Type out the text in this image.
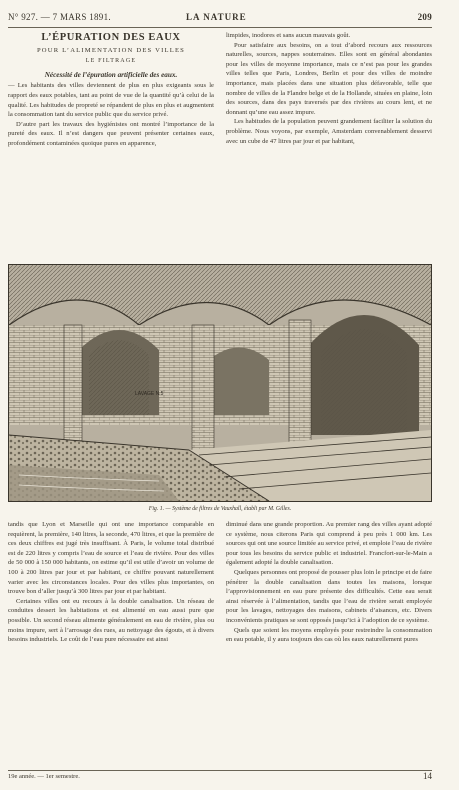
N° 927. — 7 MARS 1891.	LA NATURE	209
L’ÉPURATION DES EAUX
POUR L’ALIMENTATION DES VILLES
LE FILTRAGE
Nécessité de l’épuration artificielle des eaux.

— Les habitants des villes deviennent de plus en plus exigeants sous le rapport des eaux potables, tant au point de vue de la quantité qu’à celui de la qualité. Les habitudes de propreté se répandent de plus en plus et augmentent la consommation tant du service public que du service privé.

D’autre part les travaux des hygiénistes ont montré l’importance de la pureté des eaux. Il n’est dangers que peuvent présenter certaines eaux, profondément contaminées quoique pures en apparence,

limpides, inodores et sans aucun mauvais goût.

Pour satisfaire aux besoins, on a tout d’abord recours aux ressources naturelles, sources, nappes souterraines. Elles sont en général abondantes pour les villes de moyenne importance, mais ce n’est pas pour les grandes villes telles que Paris, Londres, Berlin et pour des villes de moindre importance, mais placées dans une situation plus défavorable, telle que nombre de villes de la Flandre belge et de la Hollande, situées en plaine, loin des sources, dans des pays traversés par des rivières au cours lent, et ne donnant qu’une eau assez impure.

Les habitudes de la population peuvent grandement faciliter la solution du problème. Nous voyons, par exemple, Amsterdam convenablement desservi avec un cube de 47 litres par jour et par habitant,

LAVAGE N.5
Fig. 1. — Système de filtres de Vauxhall, établi par M. Gilles.

tandis que Lyon et Marseille qui ont une importance comparable en requièrent, la première, 140 litres, la seconde, 470 litres, et que la première de ces deux chiffres est jugé très insuffisant. À Paris, le volume total distribué est de 220 litres y compris l’eau de source et l’eau de rivière. Pour des villes de 50 000 à 150 000 habitants, on estime qu’il est utile d’avoir un volume de 100 à 200 litres par jour et par habitant, ce chiffre pouvant naturellement varier avec les circonstances locales. Pour des villes plus importantes, on trouve bon d’aller jusqu’à 300 litres par jour et par habitant.

Certaines villes ont eu recours à la double canalisation. Un réseau de conduites dessert les habitations et est alimenté en eau aussi pure que possible. Un second réseau alimente généralement en eau de rivière, plus ou moins impure, sert à l’arrosage des rues, au nettoyage des égouts, et à divers besoins industriels. Le coût de l’eau pure nécessaire est ainsi

diminué dans une grande proportion. Au premier rang des villes ayant adopté ce système, nous citerons Paris qui comprend à peu près 1 000 km. Les sources qui ont une source limitée au service privé, et emploie l’eau de rivière pour tous les besoins du service public et industriel. Francfort-sur-le-Main a également adopté la double canalisation.

Quelques personnes ont proposé de pousser plus loin le principe et de faire pénétrer la double canalisation dans toutes les maisons, lorsque l’approvisionnement en eau pure présente des difficultés. Cette eau serait ainsi réservée à l’alimentation, tandis que l’eau de rivière serait employée pour les lavages, nettoyages des maisons, cabinets d’aisances, etc. Divers inconvénients pratiques se sont opposés jusqu’ici à l’adoption de ce système.

Quels que soient les moyens employés pour restreindre la consommation en eau potable, il y aura toujours des cas où les eaux naturellement pures

19e année. — 1er semestre.	14
